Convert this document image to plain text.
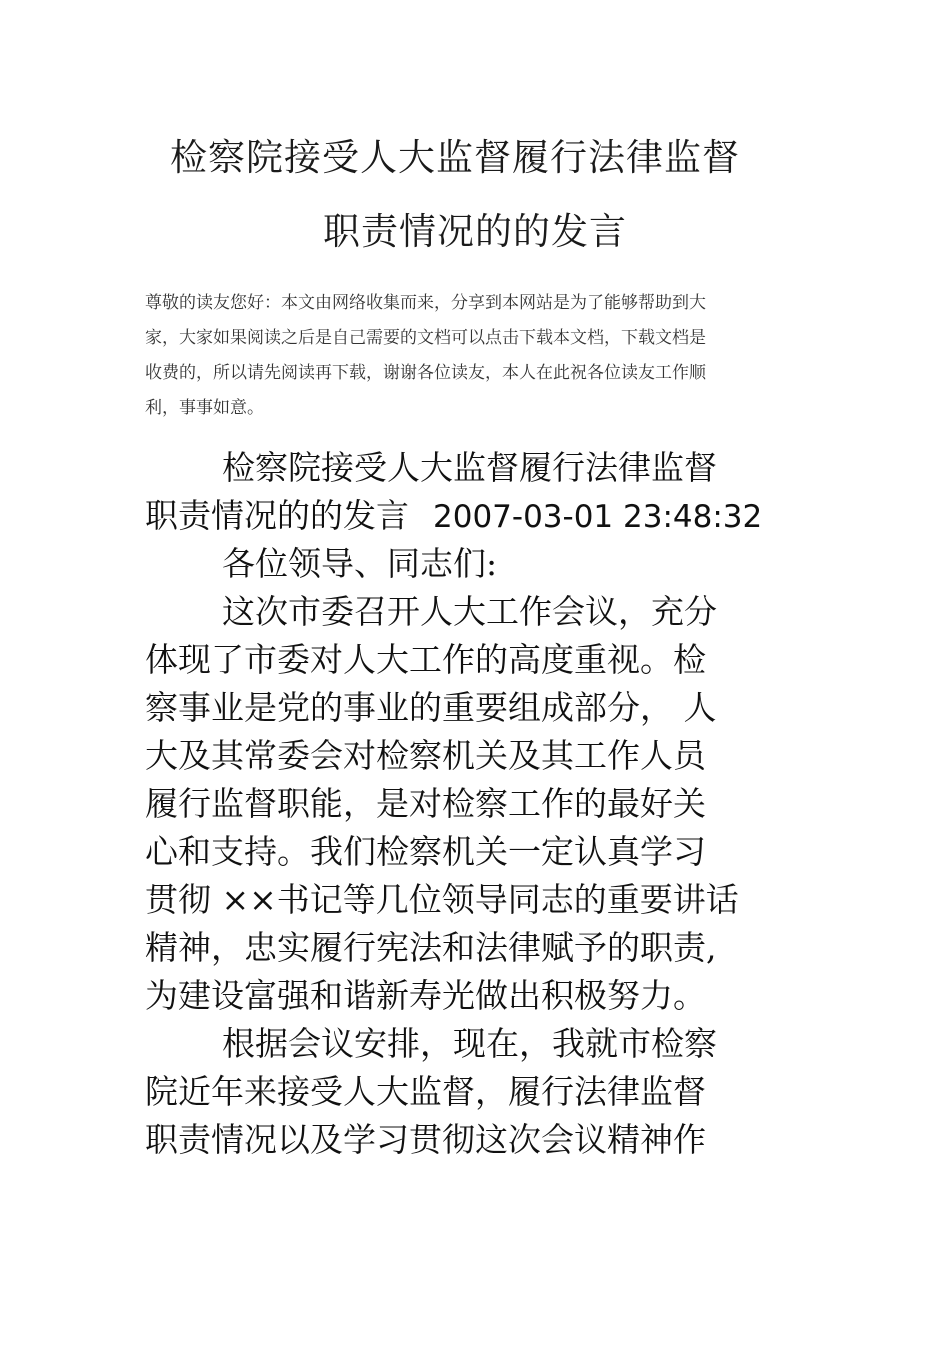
检察院接受人大监督履行法律监督
职责情况的的发言
尊敬的读友您好：本文由网络收集而来，分享到本网站是为了能够帮助到大
家，大家如果阅读之后是自己需要的文档可以点击下载本文档，下载文档是
收费的，所以请先阅读再下载，谢谢各位读友，本人在此祝各位读友工作顺
利，事事如意。
检察院接受人大监督履行法律监督
职责情况的的发言 2007-03-01 23:48:32
各位领导、同志们:
这次市委召开人大工作会议，充分
体现了市委对人大工作的高度重视。检
察事业是党的事业的重要组成部分， 人
大及其常委会对检察机关及其工作人员
履行监督职能，是对检察工作的最好关
心和支持。我们检察机关一定认真学习
贯彻 ××书记等几位领导同志的重要讲话
精神，忠实履行宪法和法律赋予的职责,
为建设富强和谐新寿光做出积极努力。
根据会议安排，现在，我就市检察
院近年来接受人大监督，履行法律监督
职责情况以及学习贯彻这次会议精神作
